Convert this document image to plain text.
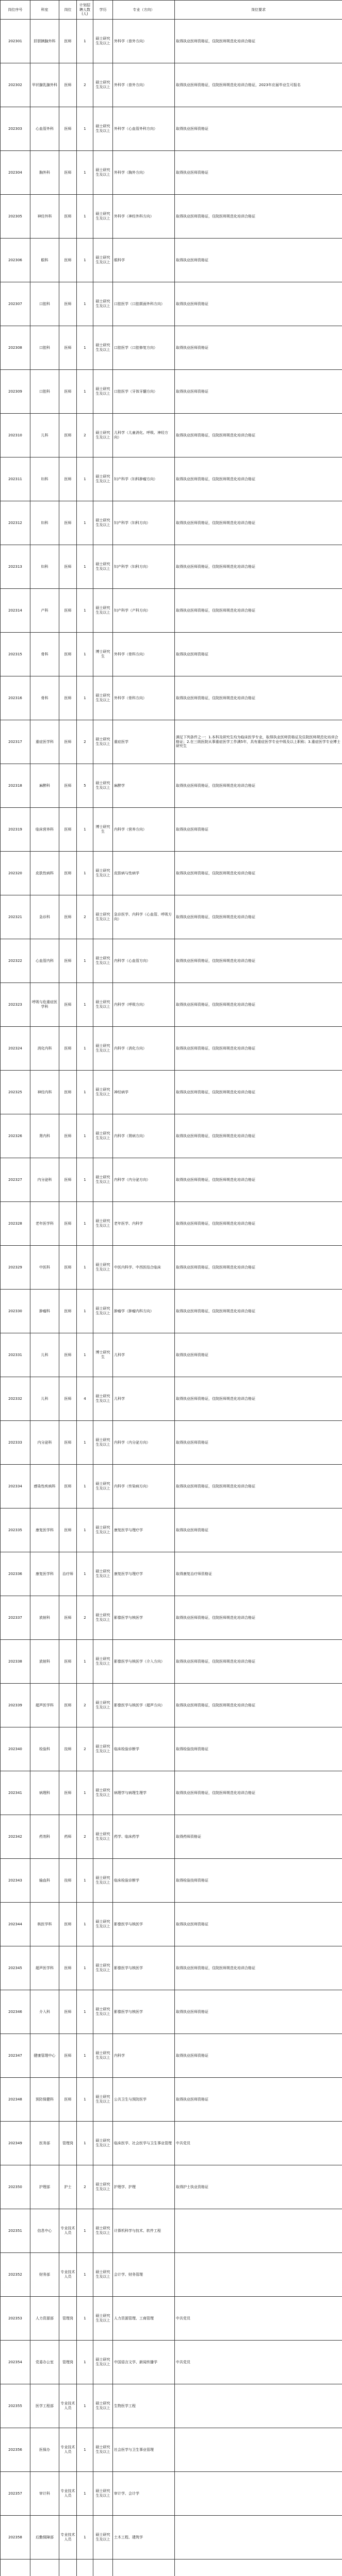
岗位序号	科室	岗位	计划招聘人数(人)	学历	专业（方向）	岗位要求
202301	肝胆胰腺外科	医师	1	硕士研究生及以上	外科学（普外方向）	取得执业医师资格证，住院医师规范化培训合格证
202302	甲状腺乳腺外科	医师	2	硕士研究生及以上	外科学（普外方向）	取得执业医师资格证，住院医师规范化培训合格证，2023年应届毕业生可报名
202303	心血管外科	医师	1	硕士研究生及以上	外科学（心血管外科方向）	取得执业医师资格证
202304	胸外科	医师	1	硕士研究生及以上	外科学（胸外方向）	取得执业医师资格证
202305	神经外科	医师	1	硕士研究生及以上	外科学（神经外科方向）	取得执业医师资格证，住院医师规范化培训合格证
202306	眼科	医师	1	硕士研究生及以上	眼科学	取得执业医师资格证
202307	口腔科	医师	1	硕士研究生及以上	口腔医学（口腔颌面外科方向）	取得执业医师资格证
202308	口腔科	医师	1	硕士研究生及以上	口腔医学（口腔修复方向）	取得执业医师资格证
202309	口腔科	医师	1	硕士研究生及以上	口腔医学（牙体牙髓方向）	取得执业医师资格证
202310	儿科	医师	2	硕士研究生及以上	儿科学（儿童消化、呼吸、神经方向）	取得执业医师资格证，住院医师规范化培训合格证
202311	妇科	医师	1	硕士研究生及以上	妇产科学（妇科肿瘤方向）	取得执业医师资格证，住院医师规范化培训合格证
202312	妇科	医师	1	硕士研究生及以上	妇产科学（妇科方向）	取得执业医师资格证，住院医师规范化培训合格证
202313	妇科	医师	1	硕士研究生及以上	妇产科学（妇科方向）	取得执业医师资格证，住院医师规范化培训合格证
202314	产科	医师	1	硕士研究生及以上	妇产科学（产科方向）	取得执业医师资格证，住院医师规范化培训合格证
202315	骨科	医师	1	博士研究生	外科学（骨科方向）	取得执业医师资格证
202316	骨科	医师	1	硕士研究生及以上	外科学（骨科方向）	取得执业医师资格证，住院医师规范化培训合格证
202317	重症医学科	医师	2	硕士研究生及以上	重症医学	满足下列条件之一：1.本科及研究生均为临床医学专业，取得执业医师资格证及住院医师规范化培训合格证；2.在三级医院从事重症医学工作满5年，具有重症医学专业中级及以上职称；3.重症医学专业博士研究生
202318	麻醉科	医师	5	硕士研究生及以上	麻醉学	取得执业医师资格证，住院医师规范化培训合格证
202319	临床营养科	医师	1	博士研究生	内科学（营养方向）	取得执业医师资格证
202320	皮肤性病科	医师	1	硕士研究生及以上	皮肤病与性病学	取得执业医师资格证，住院医师规范化培训合格证
202321	急诊科	医师	2	硕士研究生及以上	急诊医学、内科学（心血管、呼吸方向）	取得执业医师资格证，住院医师规范化培训合格证
202322	心血管内科	医师	1	硕士研究生及以上	内科学（心血管方向）	取得执业医师资格证，住院医师规范化培训合格证
202323	呼吸与危重症医学科	医师	1	硕士研究生及以上	内科学（呼吸方向）	取得执业医师资格证，住院医师规范化培训合格证
202324	消化内科	医师	1	硕士研究生及以上	内科学（消化方向）	取得执业医师资格证，住院医师规范化培训合格证
202325	神经内科	医师	1	硕士研究生及以上	神经病学	取得执业医师资格证，住院医师规范化培训合格证
202326	肾内科	医师	1	硕士研究生及以上	内科学（肾病方向）	取得执业医师资格证，住院医师规范化培训合格证
202327	内分泌科	医师	1	硕士研究生及以上	内科学（内分泌方向）	取得执业医师资格证，住院医师规范化培训合格证
202328	老年医学科	医师	1	硕士研究生及以上	老年医学、内科学	取得执业医师资格证，住院医师规范化培训合格证
202329	中医科	医师	1	硕士研究生及以上	中医内科学、中西医结合临床	取得执业医师资格证，住院医师规范化培训合格证
202330	肿瘤科	医师	1	硕士研究生及以上	肿瘤学（肿瘤内科方向）	取得执业医师资格证，住院医师规范化培训合格证
202331	儿科	医师	1	博士研究生	儿科学	取得执业医师资格证
202332	儿科	医师	4	硕士研究生及以上	儿科学	取得执业医师资格证，住院医师规范化培训合格证
202333	内分泌科	医师	1	硕士研究生及以上	内科学（内分泌方向）	取得执业医师资格证
202334	感染性疾病科	医师	1	硕士研究生及以上	内科学（传染病方向）	取得执业医师资格证，住院医师规范化培训合格证
202335	康复医学科	医师	1	硕士研究生及以上	康复医学与理疗学	取得执业医师资格证
202336	康复医学科	治疗师	1	硕士研究生及以上	康复医学与理疗学	取得康复治疗师资格证
202337	放射科	医师	2	硕士研究生及以上	影像医学与核医学	取得执业医师资格证，住院医师规范化培训合格证
202338	放射科	医师	1	硕士研究生及以上	影像医学与核医学（介入方向）	取得执业医师资格证，住院医师规范化培训合格证
202339	超声医学科	医师	2	硕士研究生及以上	影像医学与核医学（超声方向）	取得执业医师资格证，住院医师规范化培训合格证
202340	检验科	技师	2	硕士研究生及以上	临床检验诊断学	取得检验技师资格证
202341	病理科	医师	1	硕士研究生及以上	病理学与病理生理学	取得执业医师资格证，住院医师规范化培训合格证
202342	药剂科	药师	2	硕士研究生及以上	药学、临床药学	取得药师资格证
202343	输血科	技师	1	硕士研究生及以上	临床检验诊断学	取得检验技师资格证
202344	核医学科	医师	1	硕士研究生及以上	影像医学与核医学	取得执业医师资格证
202345	超声医学科	医师	1	硕士研究生及以上	影像医学与核医学	取得执业医师资格证，住院医师规范化培训合格证
202346	介入科	医师	1	硕士研究生及以上	影像医学与核医学	取得执业医师资格证
202347	健康管理中心	医师	1	硕士研究生及以上	内科学	取得执业医师资格证
202348	预防保健科	医师	1	硕士研究生及以上	公共卫生与预防医学	取得执业医师资格证
202349	医务部	管理岗	1	硕士研究生及以上	临床医学、社会医学与卫生事业管理	中共党员
202350	护理部	护士	2	硕士研究生及以上	护理学、护理	取得护士执业资格证
202351	信息中心	专业技术人员	1	硕士研究生及以上	计算机科学与技术、软件工程	
202352	财务部	专业技术人员	1	硕士研究生及以上	会计学、财务管理	
202353	人力资源部	管理岗	1	硕士研究生及以上	人力资源管理、工商管理	中共党员
202354	党委办公室	管理岗	1	硕士研究生及以上	中国语言文学、新闻传播学	中共党员
202355	医学工程部	专业技术人员	1	硕士研究生及以上	生物医学工程	
202356	医保办	专业技术人员	1	硕士研究生及以上	社会医学与卫生事业管理	
202357	审计科	专业技术人员	1	硕士研究生及以上	审计学、会计学	
202358	后勤保障部	专业技术人员	1	硕士研究生及以上	土木工程、建筑学	
